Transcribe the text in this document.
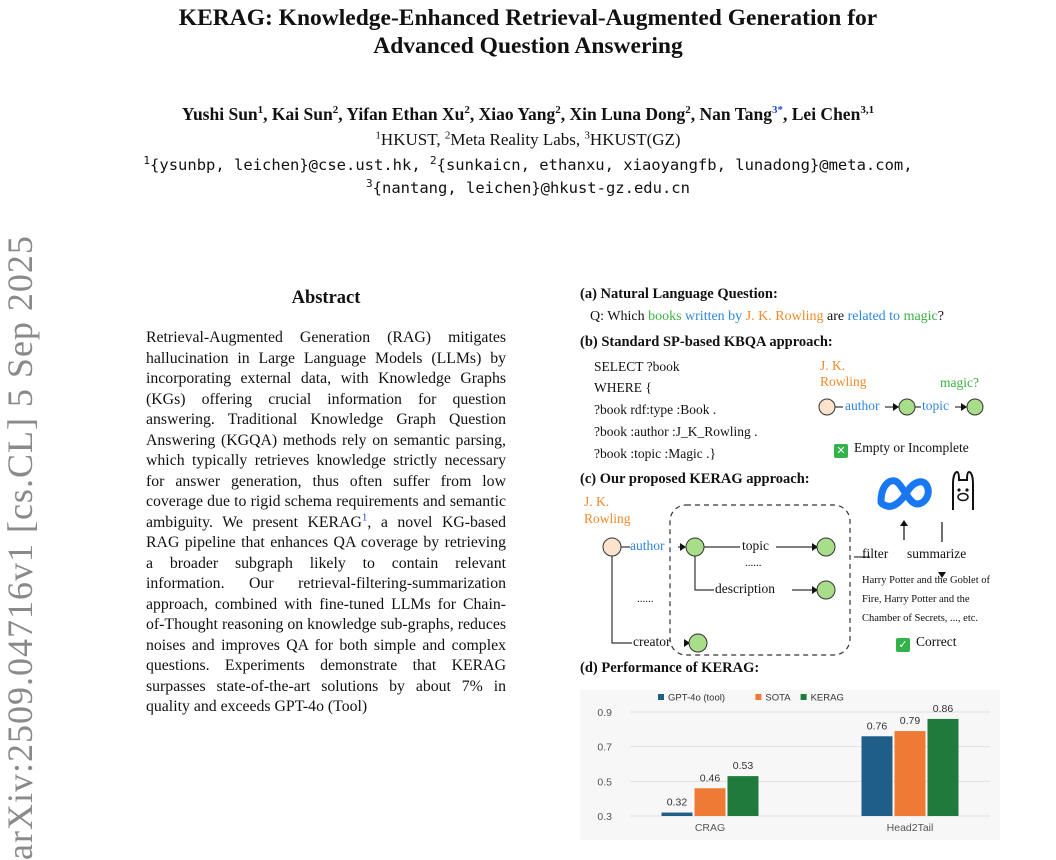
KERAG: Knowledge-Enhanced Retrieval-Augmented Generation for
Advanced Question Answering
Yushi Sun$^1$, Kai Sun$^2$, Yifan Ethan Xu$^2$, Xiao Yang$^2$, Xin Luna Dong$^2$, Nan Tang$^{3*}$, Lei Chen$^{3,1}$
$^1$HKUST, $^2$Meta Reality Labs, $^3$HKUST(GZ)
$^1${ysunbp, leichen}@cse.ust.hk, $^2${sunkaicn, ethanxu, xiaoyangfb, lunadong}@meta.com,
$^3${nantang, leichen}@hkust-gz.edu.cn
arXiv:2509.04716v1 [cs.CL] 5 Sep 2025	Abstract
Retrieval-Augmented Generation (RAG) mitigates hallucination in Large Language Models (LLMs) by incorporating external data, with Knowledge Graphs (KGs) offering crucial information for question answering. Traditional Knowledge Graph Question Answering (KGQA) methods rely on semantic parsing, which typically retrieves knowledge strictly necessary for answer generation, thus often suffer from low coverage due to rigid schema requirements and semantic ambiguity. We present KERAG$^1$, a novel KG-based RAG pipeline that enhances QA coverage by retrieving a broader subgraph likely to contain relevant information. Our retrieval-filtering-summarization approach, combined with fine-tuned LLMs for Chain-of-Thought reasoning on knowledge sub-graphs, reduces noises and improves QA for both simple and complex questions. Experiments demonstrate that KERAG surpasses state-of-the-art solutions by about 7% in quality and exceeds GPT-4o (Tool)
(a) Natural Language Question:
Q: Which books written by J. K. Rowling are related to magic?
(b) Standard SP-based KBQA approach:
SELECT ?book
WHERE {
?book rdf:type :Book .
?book :author :J_K_Rowling .
?book :topic :Magic .}
J. K.
Rowling	magic?
author	topic
✕ Empty or Incomplete
(c) Our proposed KERAG approach:
J. K.
Rowling
author	topic
......
description
......
creator
filter summarize
Harry Potter and the Goblet of
Fire, Harry Potter and the
Chamber of Secrets, ..., etc.
✓ Correct
(d) Performance of KERAG:
0.3
0.5
0.7
0.9
GPT-4o (tool)	SOTA KERAG
0.32
0.46
0.53
CRAG
0.76 0.79
0.86
Head2Tail
